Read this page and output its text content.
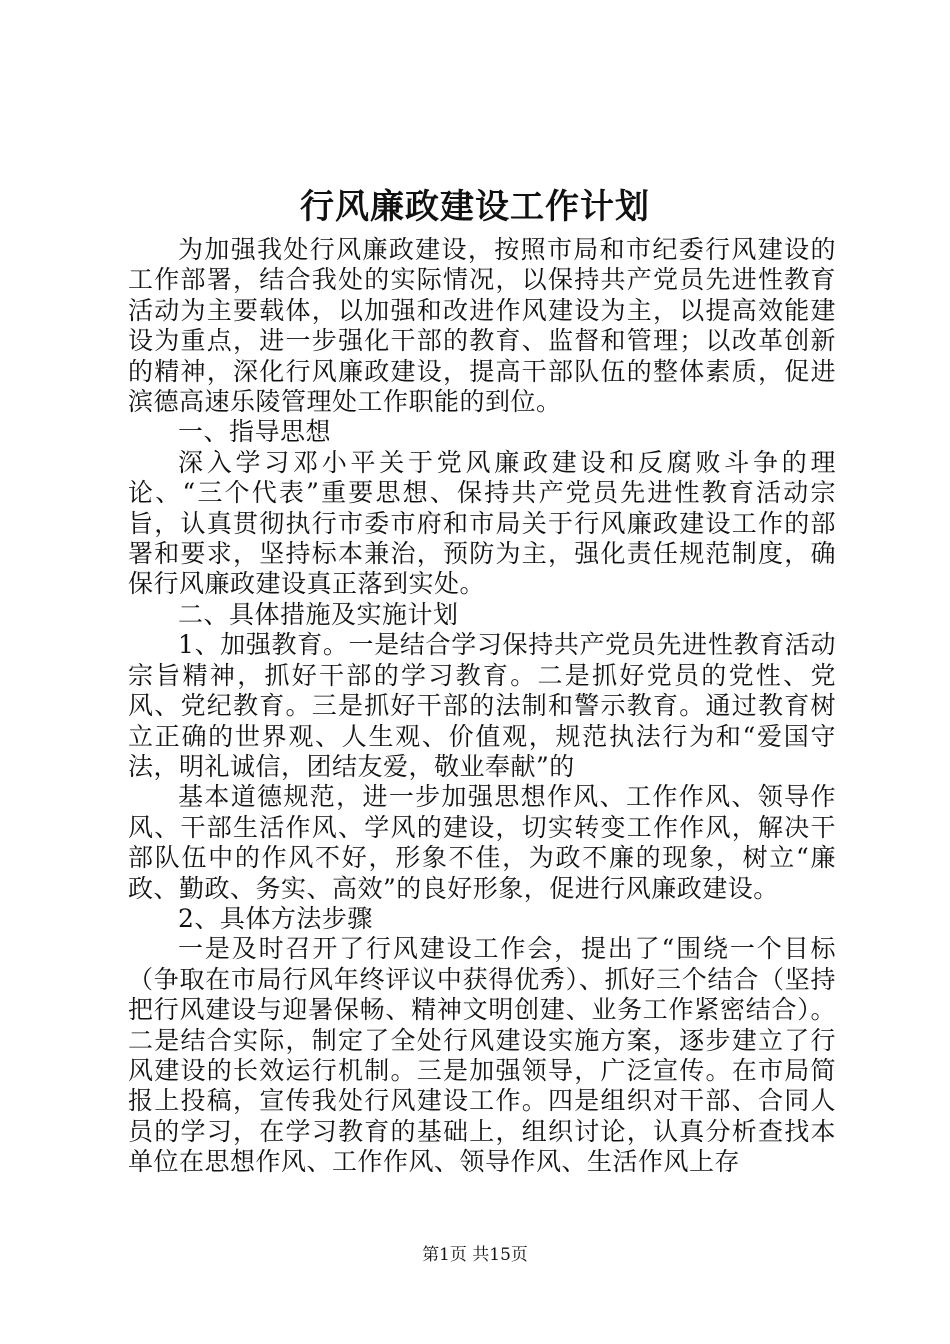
行风廉政建设工作计划

为加强我处行风廉政建设，按照市局和市纪委行风建设的工作部署，结合我处的实际情况，以保持共产党员先进性教育活动为主要载体，以加强和改进作风建设为主，以提高效能建设为重点，进一步强化干部的教育、监督和管理；以改革创新的精神，深化行风廉政建设，提高干部队伍的整体素质，促进滨德高速乐陵管理处工作职能的到位。

一、指导思想

深入学习邓小平关于党风廉政建设和反腐败斗争的理论、“三个代表”重要思想、保持共产党员先进性教育活动宗旨，认真贯彻执行市委市府和市局关于行风廉政建设工作的部署和要求，坚持标本兼治，预防为主，强化责任规范制度，确保行风廉政建设真正落到实处。

二、具体措施及实施计划

1、加强教育。一是结合学习保持共产党员先进性教育活动宗旨精神，抓好干部的学习教育。二是抓好党员的党性、党风、党纪教育。三是抓好干部的法制和警示教育。通过教育树立正确的世界观、人生观、价值观，规范执法行为和“爱国守法，明礼诚信，团结友爱，敬业奉献”的

基本道德规范，进一步加强思想作风、工作作风、领导作风、干部生活作风、学风的建设，切实转变工作作风，解决干部队伍中的作风不好，形象不佳，为政不廉的现象，树立“廉政、勤政、务实、高效”的良好形象，促进行风廉政建设。

2、具体方法步骤

一是及时召开了行风建设工作会，提出了“围绕一个目标（争取在市局行风年终评议中获得优秀）、抓好三个结合（坚持把行风建设与迎暑保畅、精神文明创建、业务工作紧密结合）。二是结合实际，制定了全处行风建设实施方案，逐步建立了行风建设的长效运行机制。三是加强领导，广泛宣传。在市局简报上投稿，宣传我处行风建设工作。四是组织对干部、合同人员的学习，在学习教育的基础上，组织讨论，认真分析查找本单位在思想作风、工作作风、领导作风、生活作风上存

第1页 共15页
